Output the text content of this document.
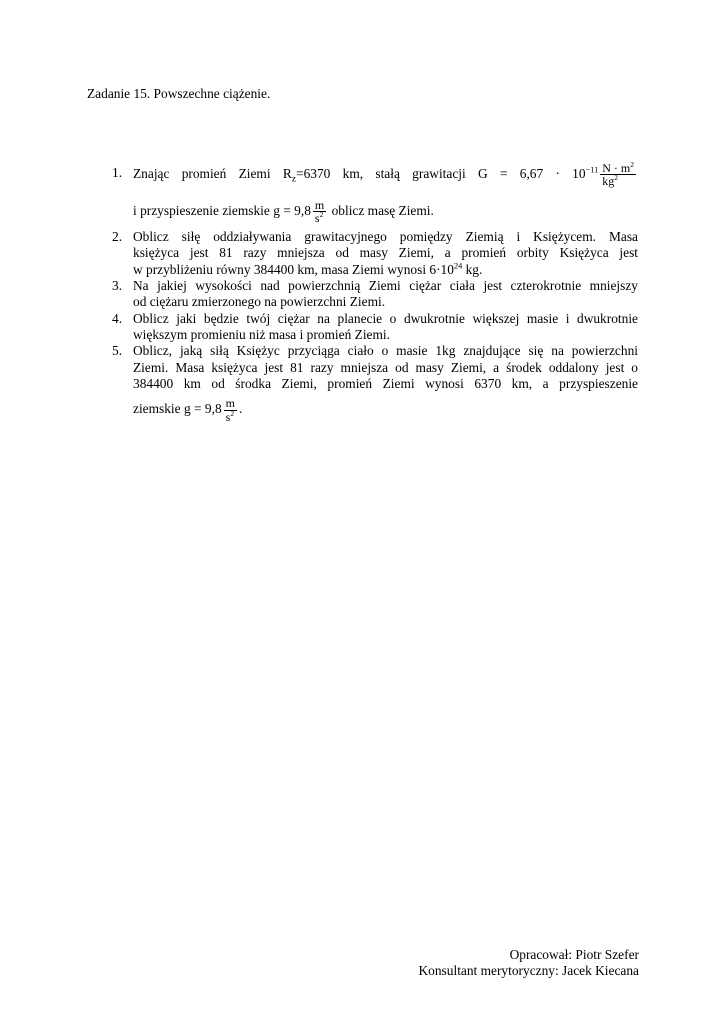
Zadanie 15. Powszechne ciążenie.
1. Znając promień Ziemi $R_z=6370$ km, stałą grawitacji $G = 6,67 \cdot 10^{-11} \frac{N \cdot m^2}{kg^2}$
i przyspieszenie ziemskie $g = 9,8 \frac{m}{s^2}$ oblicz masę Ziemi.
2. Oblicz siłę oddziaływania grawitacyjnego pomiędzy Ziemią i Księżycem. Masa
księżyca jest 81 razy mniejsza od masy Ziemi, a promień orbity Księżyca jest
w przybliżeniu równy 384400 km, masa Ziemi wynosi $6\cdot 10^{24}$ kg.
3. Na jakiej wysokości nad powierzchnią Ziemi ciężar ciała jest czterokrotnie mniejszy
od ciężaru zmierzonego na powierzchni Ziemi.
4. Oblicz jaki będzie twój ciężar na planecie o dwukrotnie większej masie i dwukrotnie
większym promieniu niż masa i promień Ziemi.
5. Oblicz, jaką siłą Księżyc przyciąga ciało o masie 1kg znajdujące się na powierzchni
Ziemi. Masa księżyca jest 81 razy mniejsza od masy Ziemi, a środek oddalony jest o
384400 km od środka Ziemi, promień Ziemi wynosi 6370 km, a przyspieszenie
ziemskie $g = 9,8 \frac{m}{s^2}$ .
Opracował: Piotr Szefer
Konsultant merytoryczny: Jacek Kiecana
